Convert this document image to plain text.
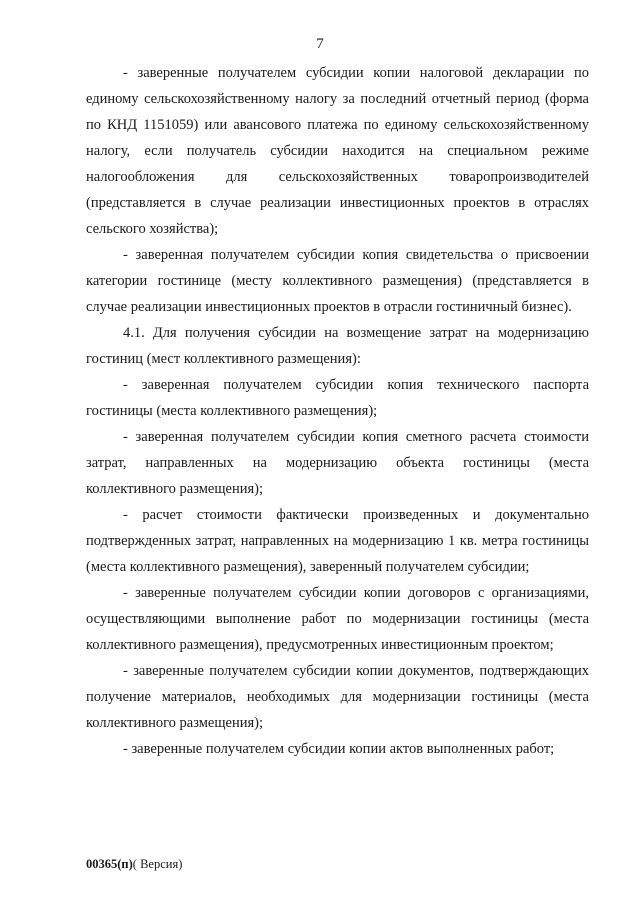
7

- заверенные получателем субсидии копии налоговой декларации по единому сельскохозяйственному налогу за последний отчетный период (форма по КНД 1151059) или авансового платежа по единому сельскохозяйственному налогу, если получатель субсидии находится на специальном режиме налогообложения для сельскохозяйственных товаропроизводителей (представляется в случае реализации инвестиционных проектов в отраслях сельского хозяйства);

- заверенная получателем субсидии копия свидетельства о присвоении категории гостинице (месту коллективного размещения) (представляется в случае реализации инвестиционных проектов в отрасли гостиничный бизнес).

4.1. Для получения субсидии на возмещение затрат на модернизацию гостиниц (мест коллективного размещения):

- заверенная получателем субсидии копия технического паспорта гостиницы (места коллективного размещения);

- заверенная получателем субсидии копия сметного расчета стоимости затрат, направленных на модернизацию объекта гостиницы (места коллективного размещения);

- расчет стоимости фактически произведенных и документально подтвержденных затрат, направленных на модернизацию 1 кв. метра гостиницы (места коллективного размещения), заверенный получателем субсидии;

- заверенные получателем субсидии копии договоров с организациями, осуществляющими выполнение работ по модернизации гостиницы (места коллективного размещения), предусмотренных инвестиционным проектом;

- заверенные получателем субсидии копии документов, подтверждающих получение материалов, необходимых для модернизации гостиницы (места коллективного размещения);

- заверенные получателем субсидии копии актов выполненных работ;

00365(п)( Версия)
